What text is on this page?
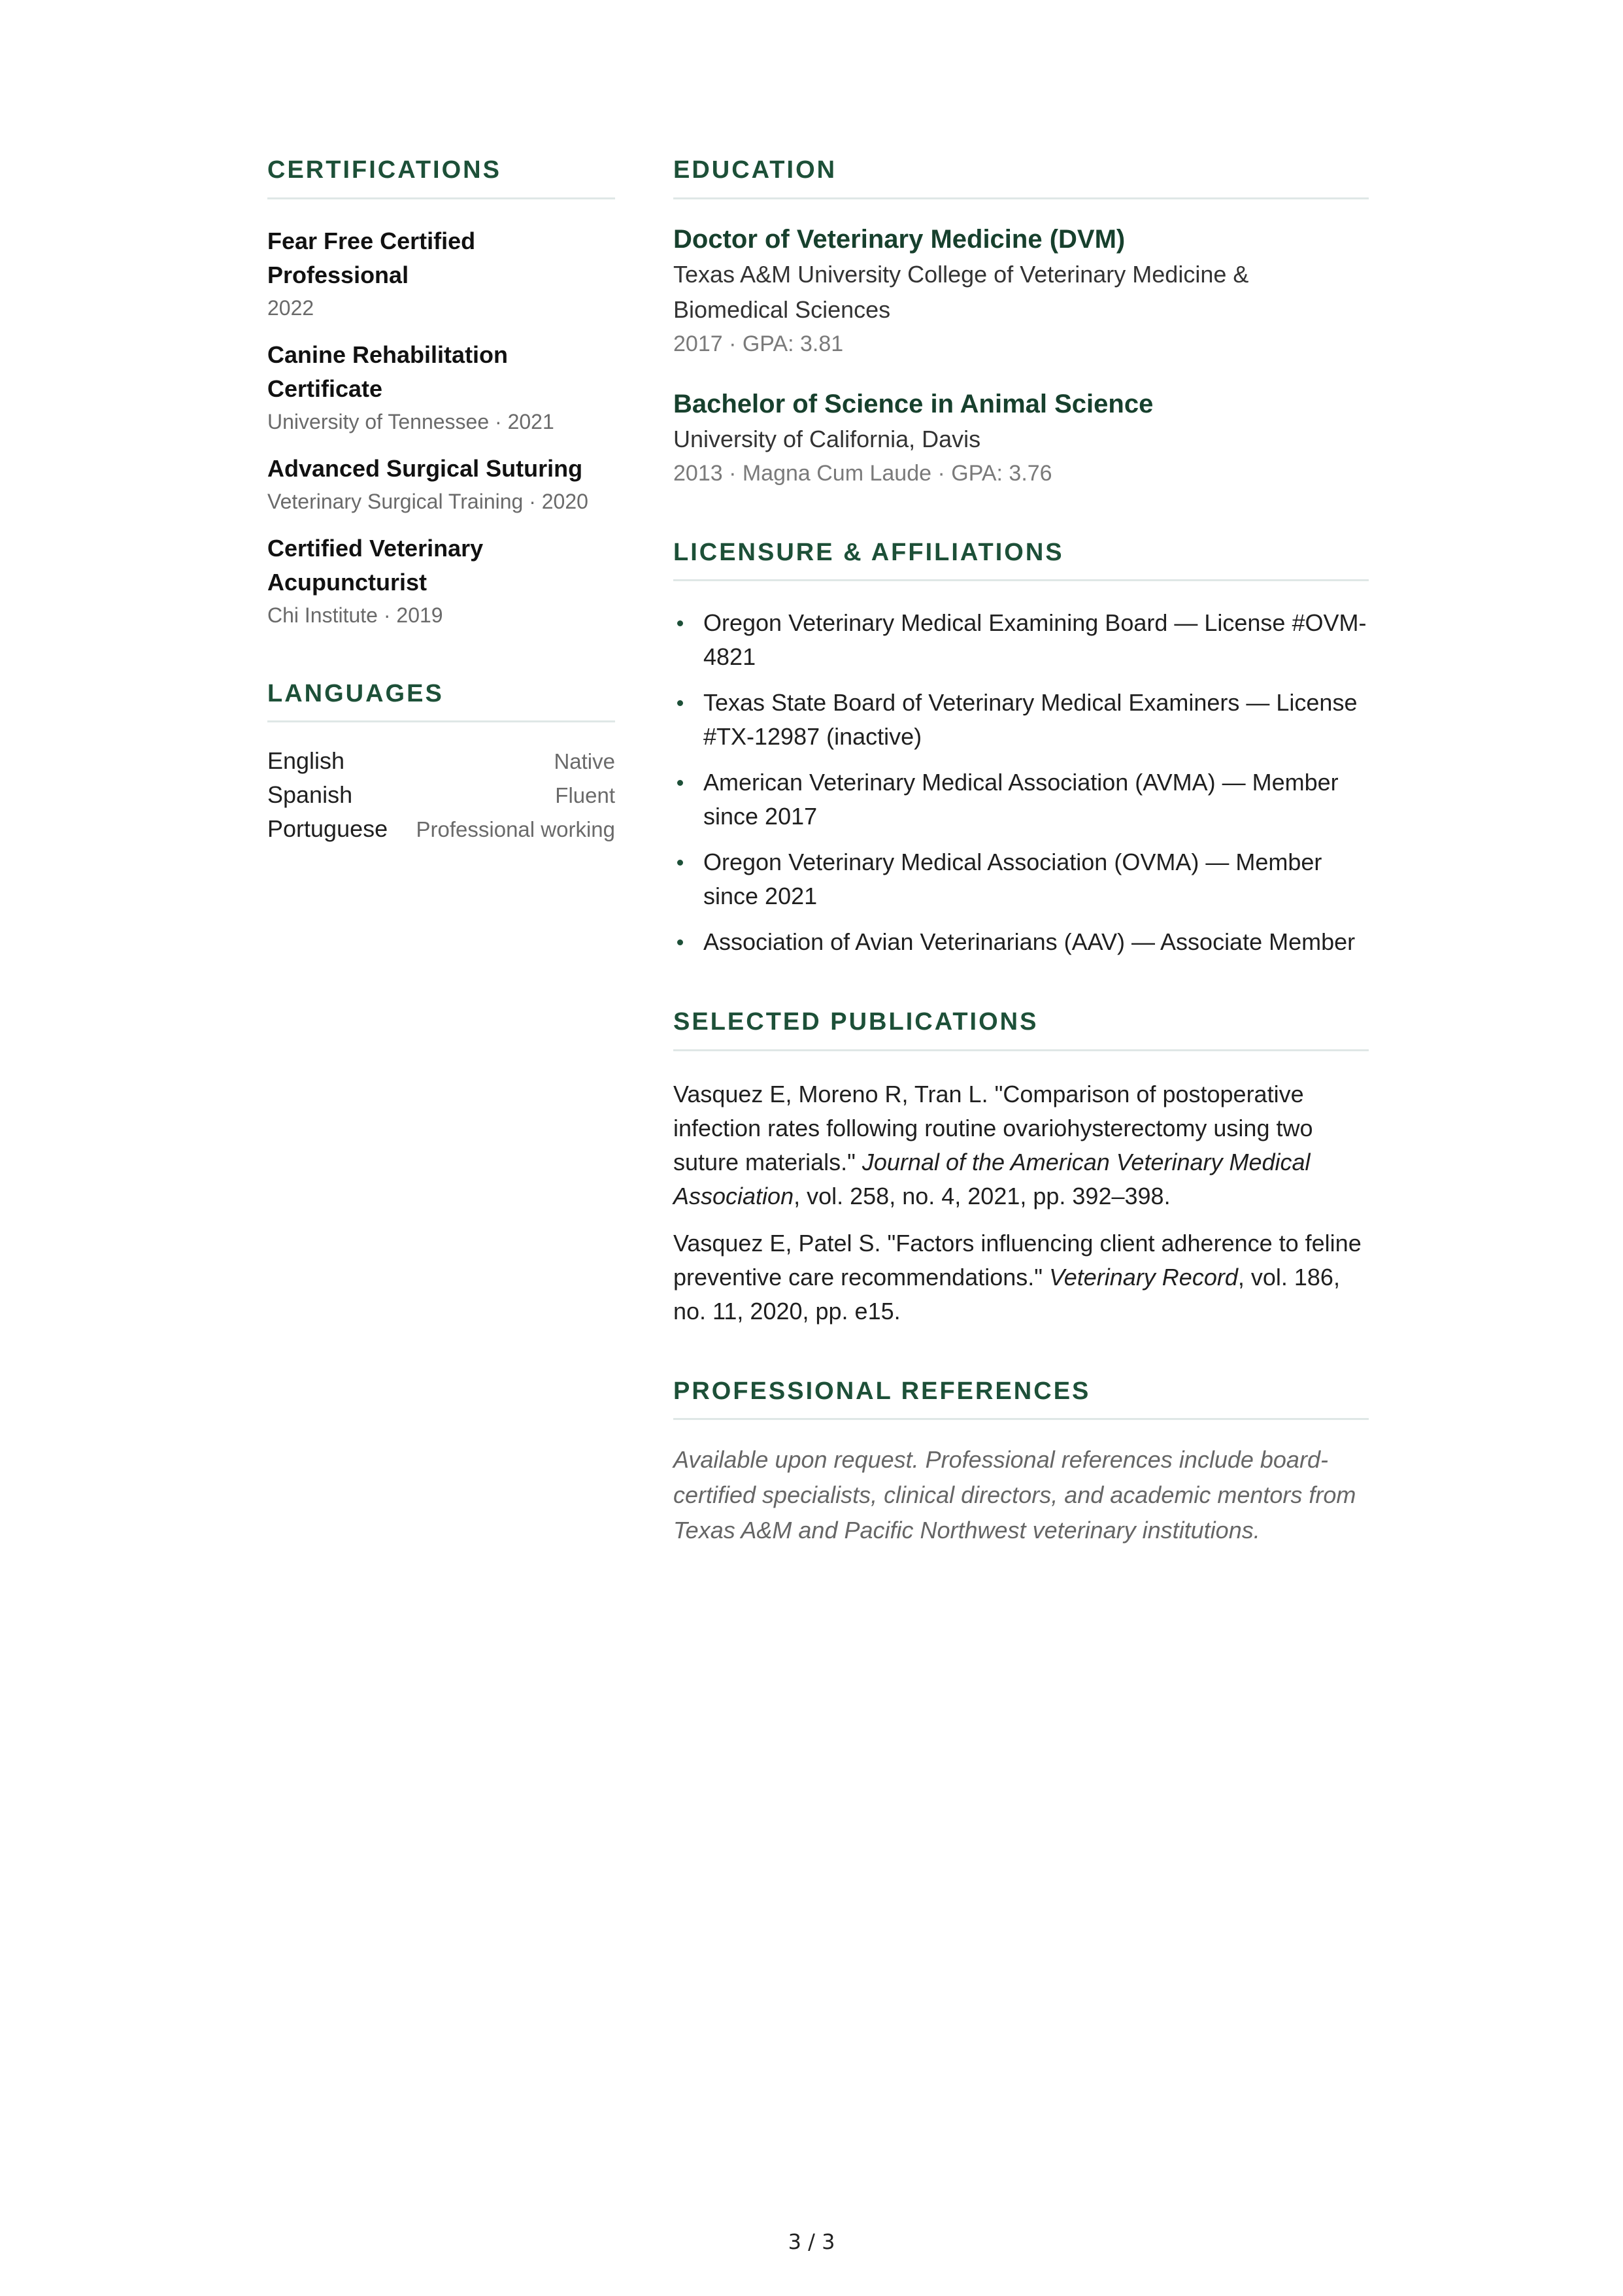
CERTIFICATIONS
Fear Free Certified Professional
2022
Canine Rehabilitation Certificate
University of Tennessee · 2021
Advanced Surgical Suturing
Veterinary Surgical Training · 2020
Certified Veterinary Acupuncturist
Chi Institute · 2019
LANGUAGES
English	Native
Spanish	Fluent
Portuguese Professional working
EDUCATION
Doctor of Veterinary Medicine (DVM)
Texas A&M University College of Veterinary Medicine & Biomedical Sciences
2017 · GPA: 3.81
Bachelor of Science in Animal Science
University of California, Davis
2013 · Magna Cum Laude · GPA: 3.76
LICENSURE & AFFILIATIONS
Oregon Veterinary Medical Examining Board — License #OVM-4821
Texas State Board of Veterinary Medical Examiners — License #TX-12987 (inactive)
American Veterinary Medical Association (AVMA) — Member since 2017
Oregon Veterinary Medical Association (OVMA) — Member since 2021
Association of Avian Veterinarians (AAV) — Associate Member
SELECTED PUBLICATIONS
Vasquez E, Moreno R, Tran L. "Comparison of postoperative infection rates following routine ovariohysterectomy using two suture materials." Journal of the American Veterinary Medical Association, vol. 258, no. 4, 2021, pp. 392–398.
Vasquez E, Patel S. "Factors influencing client adherence to feline preventive care recommendations." Veterinary Record, vol. 186, no. 11, 2020, pp. e15.
PROFESSIONAL REFERENCES
Available upon request. Professional references include board-certified specialists, clinical directors, and academic mentors from Texas A&M and Pacific Northwest veterinary institutions.
3 / 3
